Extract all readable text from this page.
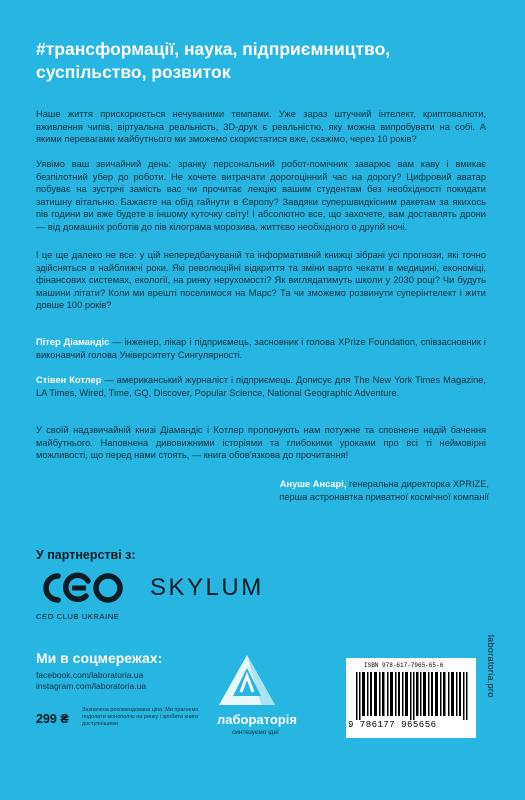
#трансформації, наука, підприємництво, суспільство, розвиток
Наше життя прискорюється нечуваними темпами. Уже зараз штучний інтелект, криптовалюти, вживлення чипів, віртуальна реальність, 3D-друк є реальністю, яку можна випробувати на собі. А якими перевагами майбутнього ми зможемо скористатися вже, скажімо, через 10 років?
Уявімо ваш звичайний день: зранку персональний робот-помічник заварює вам каву і вмикає безпілотний убер до роботи. Не хочете витрачати дорогоцінний час на дорогу? Цифровий аватар побуває на зустрічі замість вас чи прочитає лекцію вашим студентам без необхідності покидати затишну вітальню. Бажаєте на обід гайнути в Європу? Завдяки супершвидкісним ракетам за якихось пів години ви вже будете в іншому куточку світу! І абсолютно все, що захочете, вам доставлять дрони — від домашніх роботів до пів кілограма морозива, життєво необхідного о другій ночі.
І це ще далеко не все: у цій непередбачуваній та інформативній книжці зібрані усі прогнози, які точно здійсняться в найближчі роки. Які революційні відкриття та зміни варто чекати в медицині, економіці, фінансових системах, екології, на ринку нерухомості? Як виглядатимуть школи у 2030 році? Чи будуть машини літати? Коли ми врешті поселимося на Марс? Та чи зможемо розвинути суперінтелект і жити довше 100 років?
Пітер Діамандіс — інженер, лікар і підприємець, засновник і голова XPrize Foundation, співзасновник і виконавчий голова Університету Сингулярності.
Стівен Котлер — американський журналіст і підприємець. Дописує для The New York Times Magazine, LA Times, Wired, Time, GQ, Discover, Popular Science, National Geographic Adventure.
У своїй надзвичайній книзі Діамандіс і Котлер пропонують нам потужне та сповнене надій бачення майбутнього. Наповнена дивовижними історіями та глибокими уроками про всі ті неймовірні можливості, що перед нами стоять, — книга обов'язкова до прочитання!
Ануше Ансарі, генеральна директорка XPRIZE,
перша астронавтка приватної космічної компанії
У партнерстві з:
CEO CLUB UKRAINE
SKYLUM
Ми в соцмережах:
facebook.com/laboratoria.ua
instagram.com/laboratoria.ua
299 ₴
Зазначена рекомендована ціна. Ми прагнемо подолати монополію на ринку і зробити книги доступнішими.	лабораторія
синтезуємо ідеї
ISBN 978-617-7965-65-6
9 786177 965656
laboratoria.pro
